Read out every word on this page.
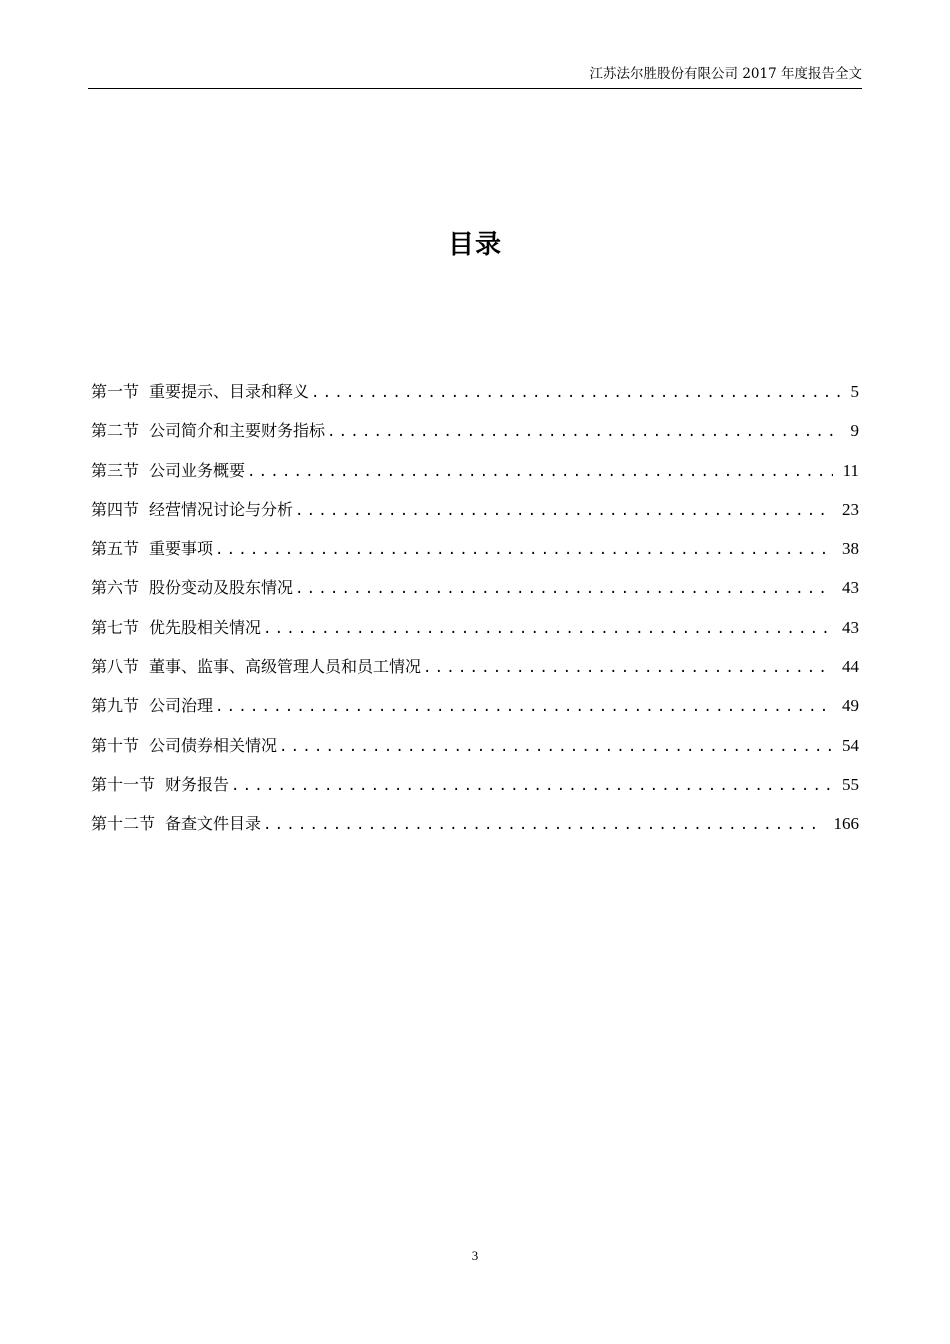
江苏法尔胜股份有限公司 2017 年度报告全文
目录
第一节 重要提示、目录和释义 .....	5
第二节 公司简介和主要财务指标 .....	9
第三节 公司业务概要 .....	11
第四节 经营情况讨论与分析 .....	23
第五节 重要事项 .....	38
第六节 股份变动及股东情况 .....	43
第七节 优先股相关情况 .....	43
第八节 董事、监事、高级管理人员和员工情况 .....	44
第九节 公司治理 .....	49
第十节 公司债券相关情况 .....	54
第十一节 财务报告 .....	55
第十二节 备查文件目录 .....	166
3
